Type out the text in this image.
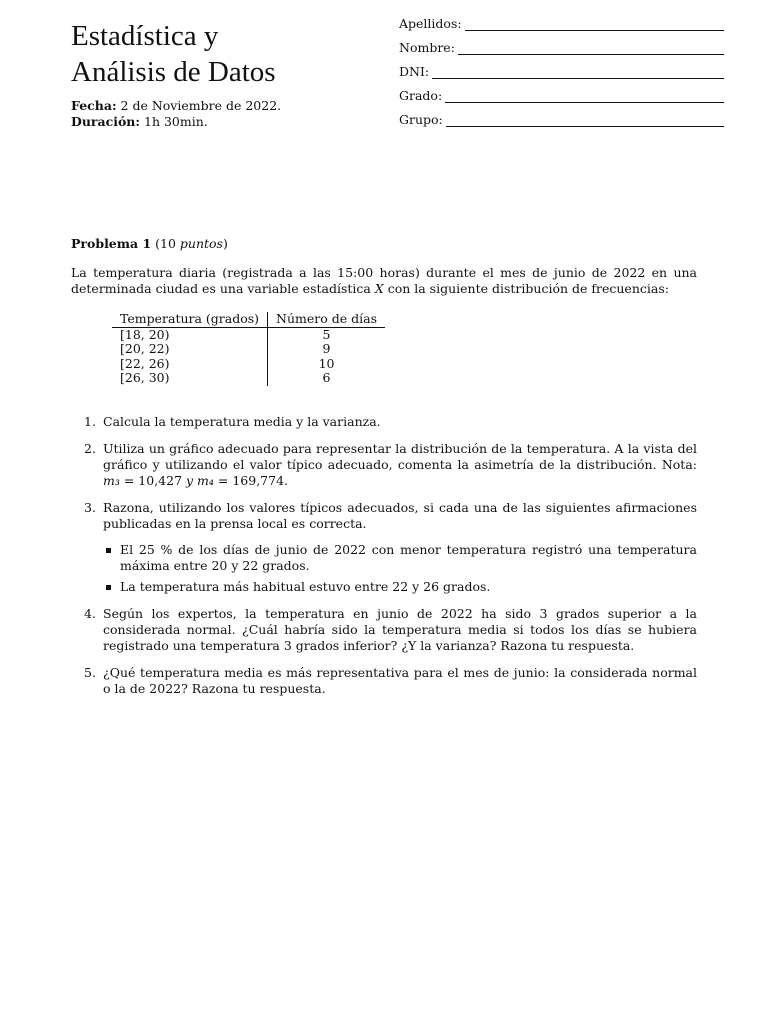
Estadística y
Análisis de Datos
Fecha: 2 de Noviembre de 2022.
Duración: 1h 30min.
Apellidos:
Nombre:
DNI:
Grado:
Grupo:
Problema 1 (10 puntos)
La temperatura diaria (registrada a las 15:00 horas) durante el mes de junio de 2022 en una determinada ciudad es una variable estadística X con la siguiente distribución de frecuencias:
Temperatura (grados)	Número de días
[18, 20)	5
[20, 22)	9
[22, 26)	10
[26, 30)	6
1. Calcula la temperatura media y la varianza.
2. Utiliza un gráfico adecuado para representar la distribución de la temperatura. A la vista del gráfico y utilizando el valor típico adecuado, comenta la asimetría de la distribución. Nota: m₃ = 10,427 y m₄ = 169,774.
3. Razona, utilizando los valores típicos adecuados, si cada una de las siguientes afirmaciones publicadas en la prensa local es correcta.
El 25 % de los días de junio de 2022 con menor temperatura registró una temperatura máxima entre 20 y 22 grados.
La temperatura más habitual estuvo entre 22 y 26 grados.
4. Según los expertos, la temperatura en junio de 2022 ha sido 3 grados superior a la considerada normal. ¿Cuál habría sido la temperatura media si todos los días se hubiera registrado una temperatura 3 grados inferior? ¿Y la varianza? Razona tu respuesta.
5. ¿Qué temperatura media es más representativa para el mes de junio: la considerada normal o la de 2022? Razona tu respuesta.
